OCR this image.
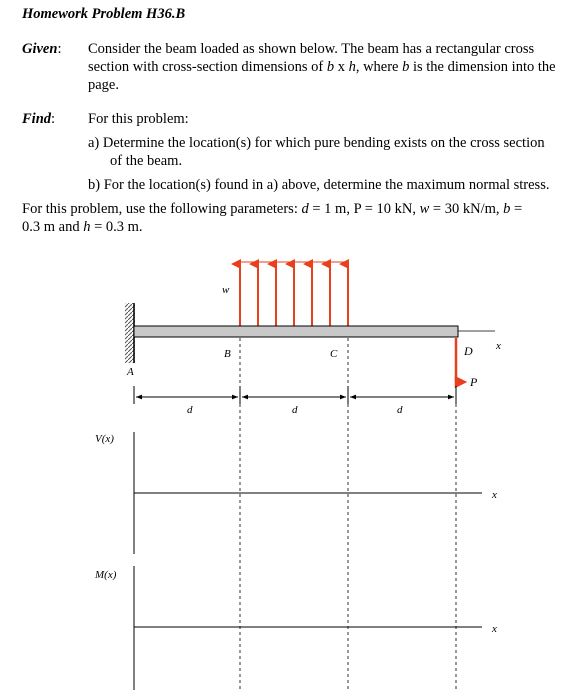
Homework Problem H36.B
Given: Consider the beam loaded as shown below. The beam has a rectangular cross
section with cross-section dimensions of b x h, where b is the dimension into the
page.
Find: For this problem:
a) Determine the location(s) for which pure bending exists on the cross section
of the beam.
b) For the location(s) found in a) above, determine the maximum normal stress.
For this problem, use the following parameters: d = 1 m, P = 10 kN, w = 30 kN/m, b =
0.3 m and h = 0.3 m.
w
x
A
B	C	D
P
d	d	d
V(x)
x
M(x)
x
